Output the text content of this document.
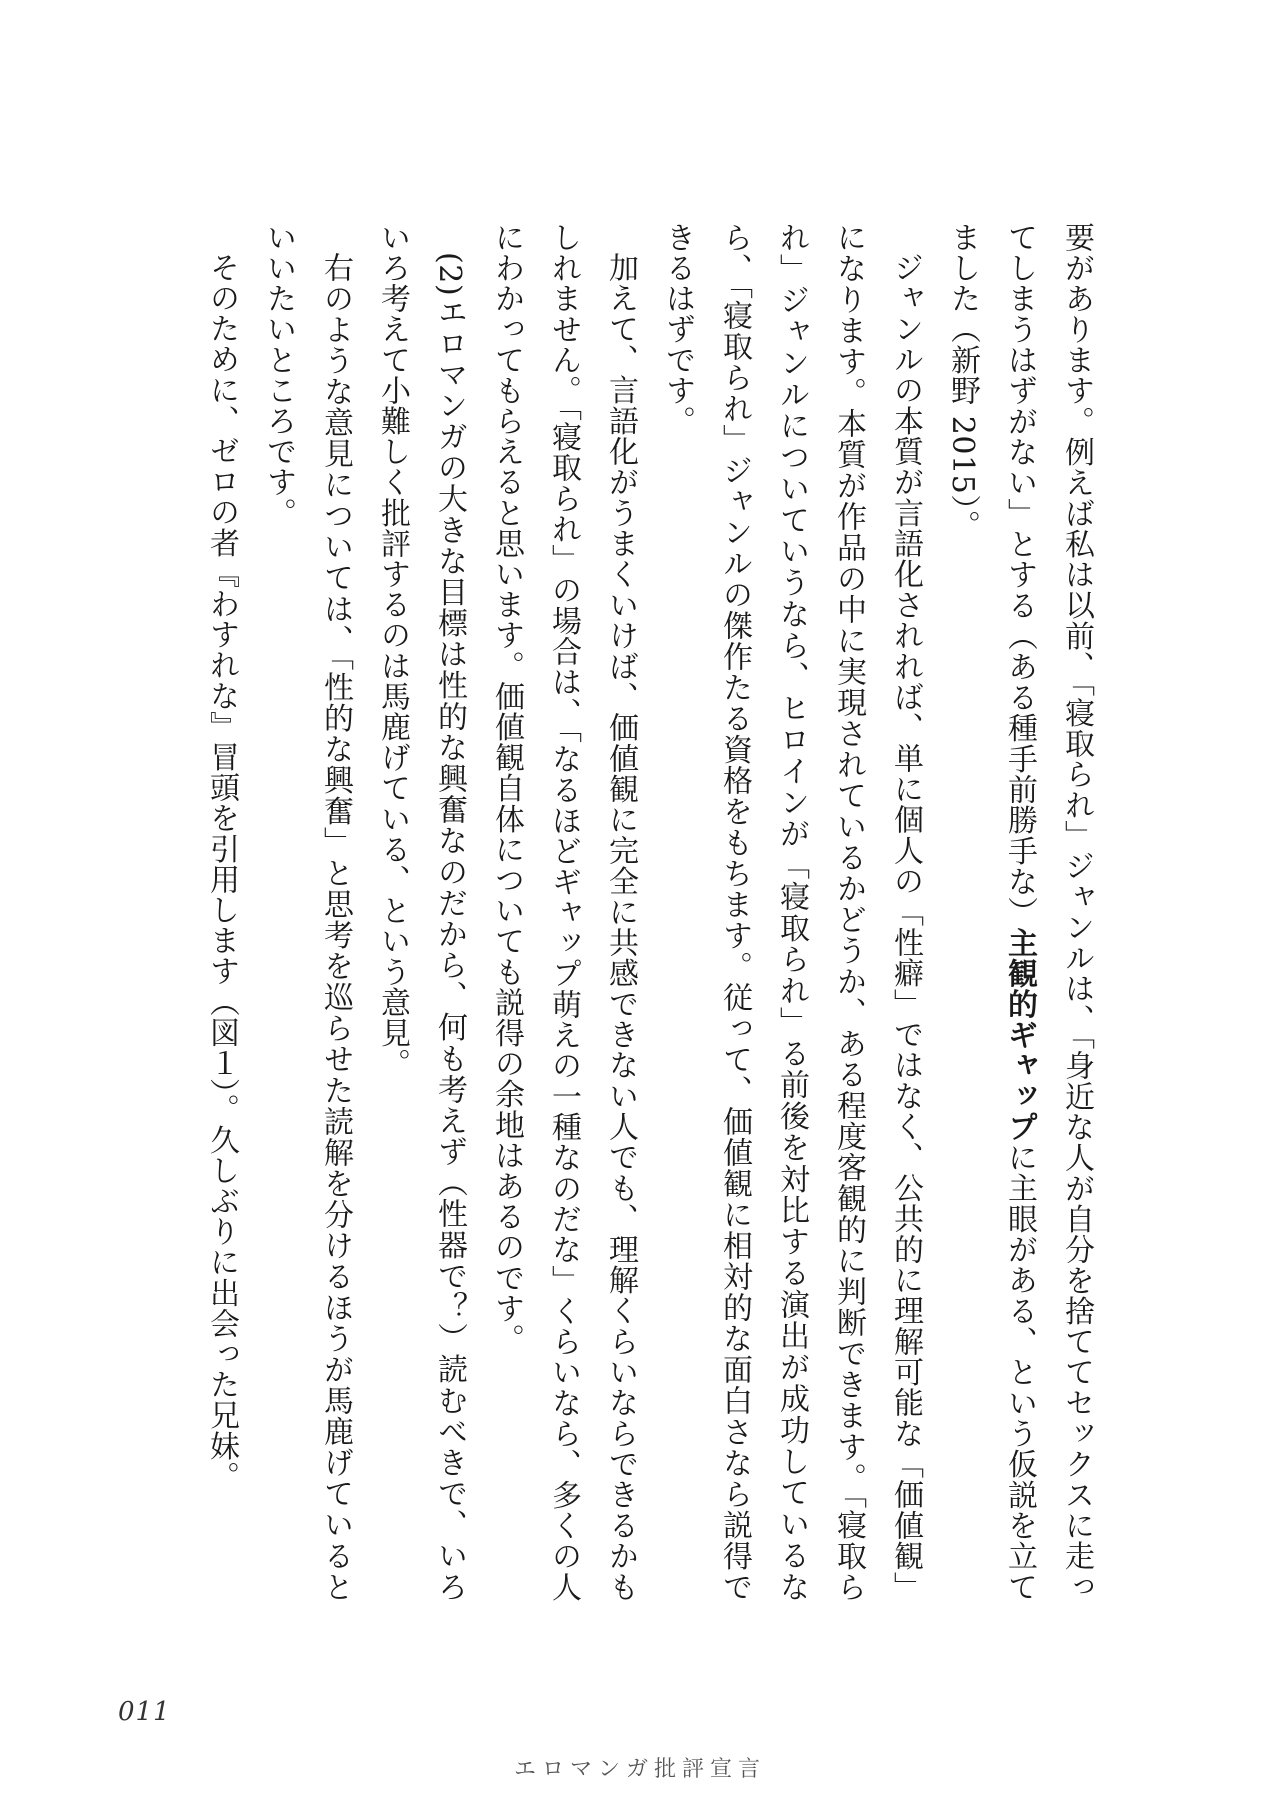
要があります。例えば私は以前、「寝取られ」ジャンルは、「身近な人が自分を捨ててセックスに走ってしまうはずがない」とする（ある種手前勝手な）主観的ギャップに主眼がある、という仮説を立てました（新野 2015）。

ジャンルの本質が言語化されれば、単に個人の「性癖」ではなく、公共的に理解可能な「価値観」になります。本質が作品の中に実現されているかどうか、ある程度客観的に判断できます。「寝取られ」ジャンルについていうなら、ヒロインが「寝取られ」る前後を対比する演出が成功しているなら、「寝取られ」ジャンルの傑作たる資格をもちます。従って、価値観に相対的な面白さなら説得できるはずです。

加えて、言語化がうまくいけば、価値観に完全に共感できない人でも、理解くらいならできるかもしれません。「寝取られ」の場合は、「なるほどギャップ萌えの一種なのだな」くらいなら、多くの人にわかってもらえると思います。価値観自体についても説得の余地はあるのです。

(2)エロマンガの大きな目標は性的な興奮なのだから、何も考えず（性器で？）読むべきで、いろいろ考えて小難しく批評するのは馬鹿げている、という意見。

右のような意見については、「性的な興奮」と思考を巡らせた読解を分けるほうが馬鹿げているといいたいところです。

そのために、ゼロの者『わすれな』冒頭を引用します（図１）。久しぶりに出会った兄妹。

011
エロマンガ批評宣言
